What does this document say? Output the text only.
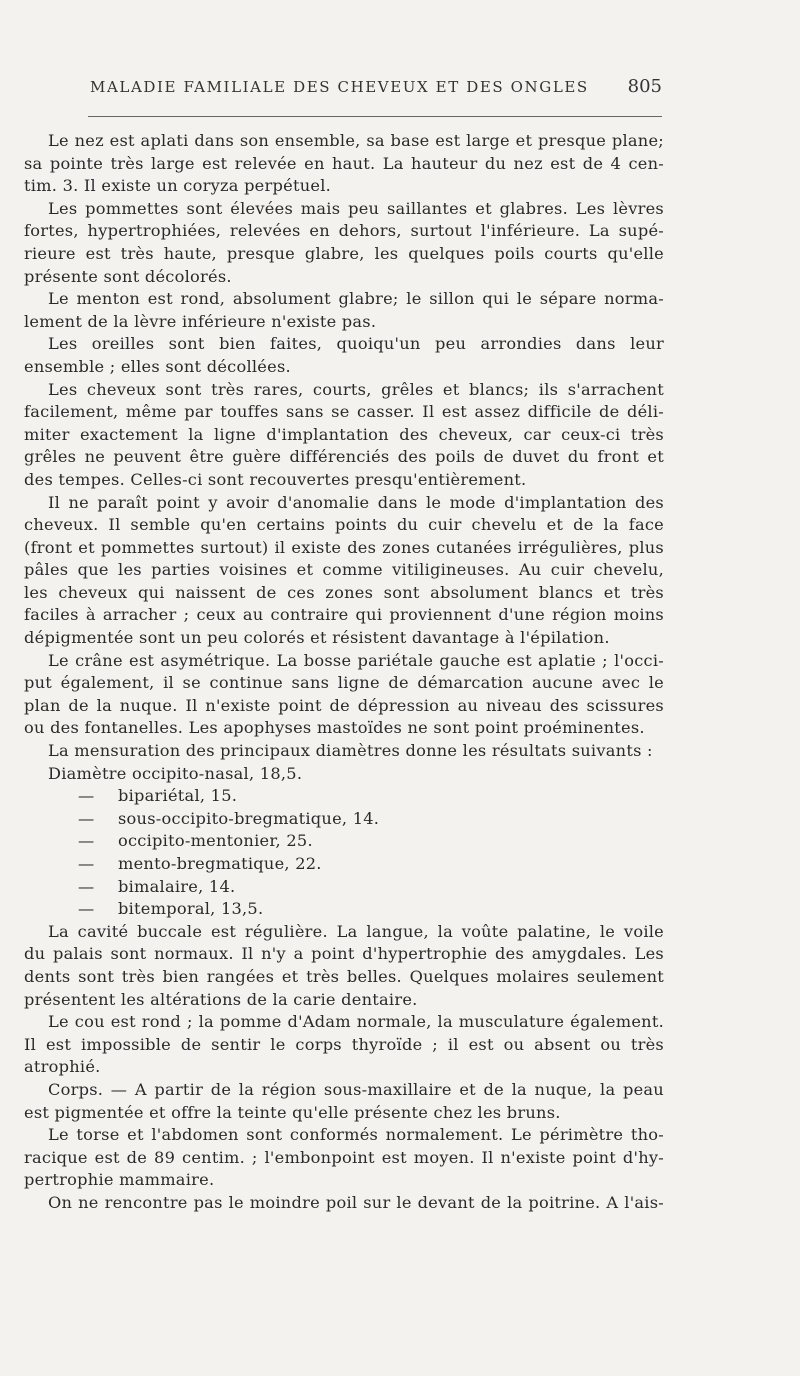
MALADIE FAMILIALE DES CHEVEUX ET DES ONGLES 805
Le nez est aplati dans son ensemble, sa base est large et presque plane;
sa pointe très large est relevée en haut. La hauteur du nez est de 4 cen-
tim. 3. Il existe un coryza perpétuel.
Les pommettes sont élevées mais peu saillantes et glabres. Les lèvres
fortes, hypertrophiées, relevées en dehors, surtout l'inférieure. La supé-
rieure est très haute, presque glabre, les quelques poils courts qu'elle
présente sont décolorés.
Le menton est rond, absolument glabre; le sillon qui le sépare norma-
lement de la lèvre inférieure n'existe pas.
Les oreilles sont bien faites, quoiqu'un peu arrondies dans leur
ensemble ; elles sont décollées.
Les cheveux sont très rares, courts, grêles et blancs; ils s'arrachent
facilement, même par touffes sans se casser. Il est assez difficile de déli-
miter exactement la ligne d'implantation des cheveux, car ceux-ci très
grêles ne peuvent être guère différenciés des poils de duvet du front et
des tempes. Celles-ci sont recouvertes presqu'entièrement.
Il ne paraît point y avoir d'anomalie dans le mode d'implantation des
cheveux. Il semble qu'en certains points du cuir chevelu et de la face
(front et pommettes surtout) il existe des zones cutanées irrégulières, plus
pâles que les parties voisines et comme vitiligineuses. Au cuir chevelu,
les cheveux qui naissent de ces zones sont absolument blancs et très
faciles à arracher ; ceux au contraire qui proviennent d'une région moins
dépigmentée sont un peu colorés et résistent davantage à l'épilation.
Le crâne est asymétrique. La bosse pariétale gauche est aplatie ; l'occi-
put également, il se continue sans ligne de démarcation aucune avec le
plan de la nuque. Il n'existe point de dépression au niveau des scissures
ou des fontanelles. Les apophyses mastoïdes ne sont point proéminentes.
La mensuration des principaux diamètres donne les résultats suivants :
Diamètre occipito-nasal, 18,5.
— bipariétal, 15.
— sous-occipito-bregmatique, 14.
— occipito-mentonier, 25.
— mento-bregmatique, 22.
— bimalaire, 14.
— bitemporal, 13,5.
La cavité buccale est régulière. La langue, la voûte palatine, le voile
du palais sont normaux. Il n'y a point d'hypertrophie des amygdales. Les
dents sont très bien rangées et très belles. Quelques molaires seulement
présentent les altérations de la carie dentaire.
Le cou est rond ; la pomme d'Adam normale, la musculature également.
Il est impossible de sentir le corps thyroïde ; il est ou absent ou très
atrophié.
Corps. — A partir de la région sous-maxillaire et de la nuque, la peau
est pigmentée et offre la teinte qu'elle présente chez les bruns.
Le torse et l'abdomen sont conformés normalement. Le périmètre tho-
racique est de 89 centim. ; l'embonpoint est moyen. Il n'existe point d'hy-
pertrophie mammaire.
On ne rencontre pas le moindre poil sur le devant de la poitrine. A l'ais-
